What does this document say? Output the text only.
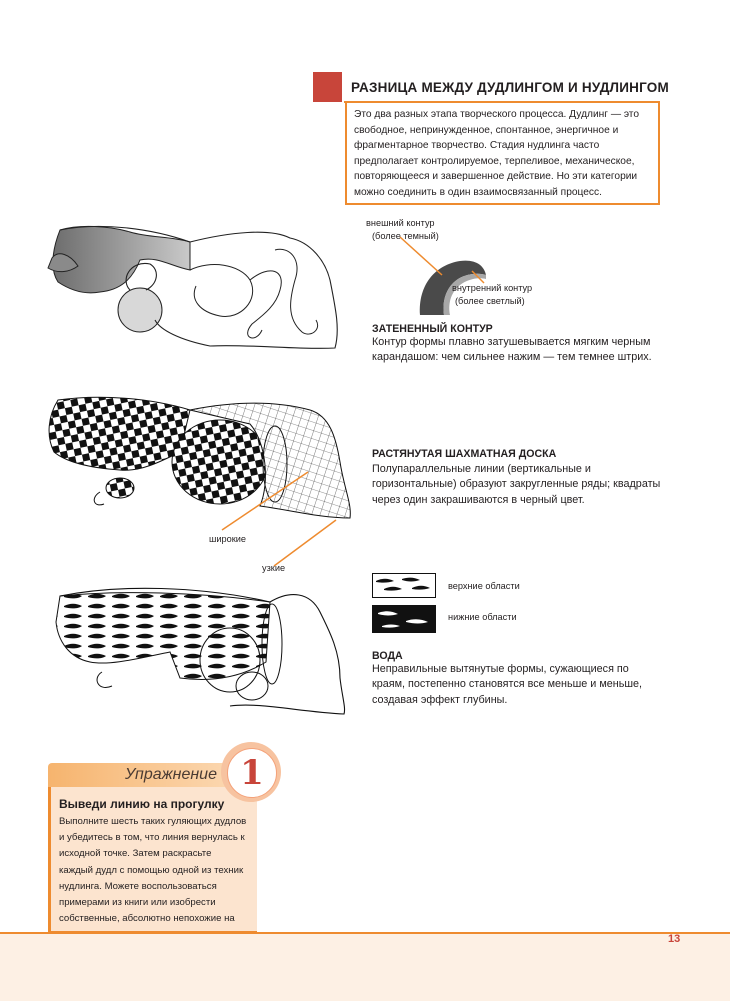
РАЗНИЦА МЕЖДУ ДУДЛИНГОМ И НУДЛИНГОМ
Это два разных этапа творческого процесса. Дудлинг — это свободное, непринужденное, спонтанное, энергичное и фрагментарное творчество. Стадия нудлинга часто предполагает контролируемое, терпеливое, механическое, повторяющееся и завершенное действие. Но эти категории можно соединить в один взаимосвязанный процесс.
внешний контур
(более темный)
внутренний контур
(более светлый)
ЗАТЕНЕННЫЙ КОНТУР
Контур формы плавно затушевывается мягким черным карандашом: чем сильнее нажим — тем темнее штрих.
широкие
узкие
РАСТЯНУТАЯ ШАХМАТНАЯ ДОСКА
Полупараллельные линии (вертикальные и горизонтальные) образуют закругленные ряды; квадраты через один закрашиваются в черный цвет.
верхние области
нижние области
ВОДА
Неправильные вытянутые формы, сужающиеся по краям, постепенно становятся все меньше и меньше, создавая эффект глубины.
Упражнение 1
Выведи линию на прогулку
Выполните шесть таких гуляющих дудлов и убедитесь в том, что линия вернулась к исходной точке. Затем раскрасьте каждый дудл с помощью одной из техник нудлинга. Можете воспользоваться примерами из книги или изобрести собственные, абсолютно непохожие на
13
